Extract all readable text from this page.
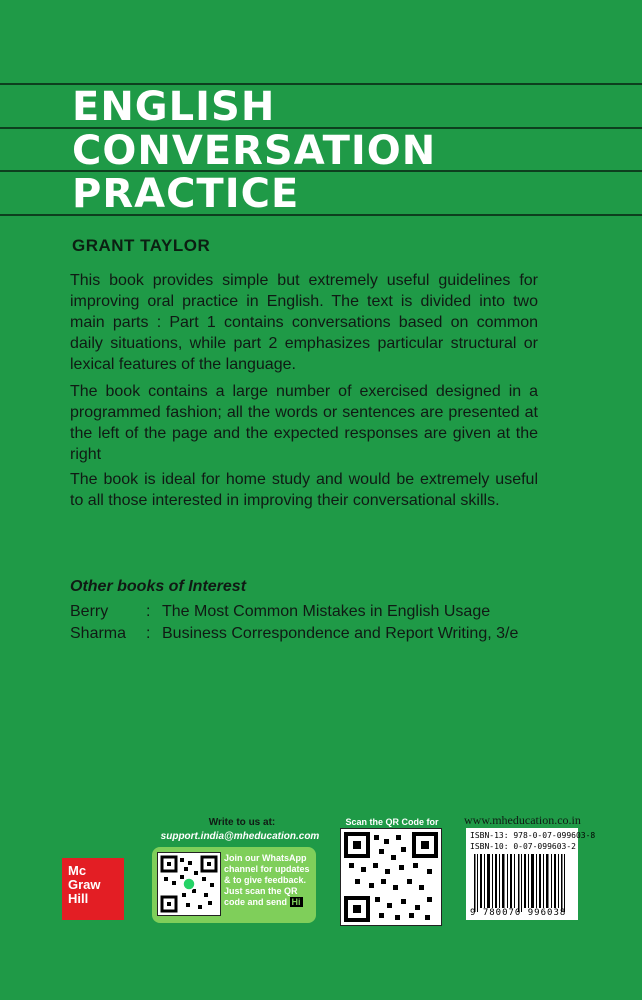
ENGLISH
CONVERSATION
PRACTICE
GRANT TAYLOR

This book provides simple but extremely useful guidelines for improving oral practice in English. The text is divided into two main parts : Part 1 contains conversations based on common daily situations, while part 2 emphasizes particular structural or lexical features of the language.

The book contains a large number of exercised designed in a programmed fashion; all the words or sentences are presented at the left of the page and the expected responses are given at the right

The book is ideal for home study and would be extremely useful to all those interested in improving their conversational skills.

Other books of Interest
Berry : The Most Common Mistakes in English Usage
Sharma : Business Correspondence and Report Writing, 3/e
Mc
Graw
Hill
Write to us at:
support.india@mheducation.com
Join our WhatsApp channel for updates & to give feedback. Just scan the QR code and send Hi
Scan the QR Code for	www.mheducation.co.in
ISBN-13: 978-0-07-099603-8
ISBN-10: 0-07-099603-2
9 780070 996038
